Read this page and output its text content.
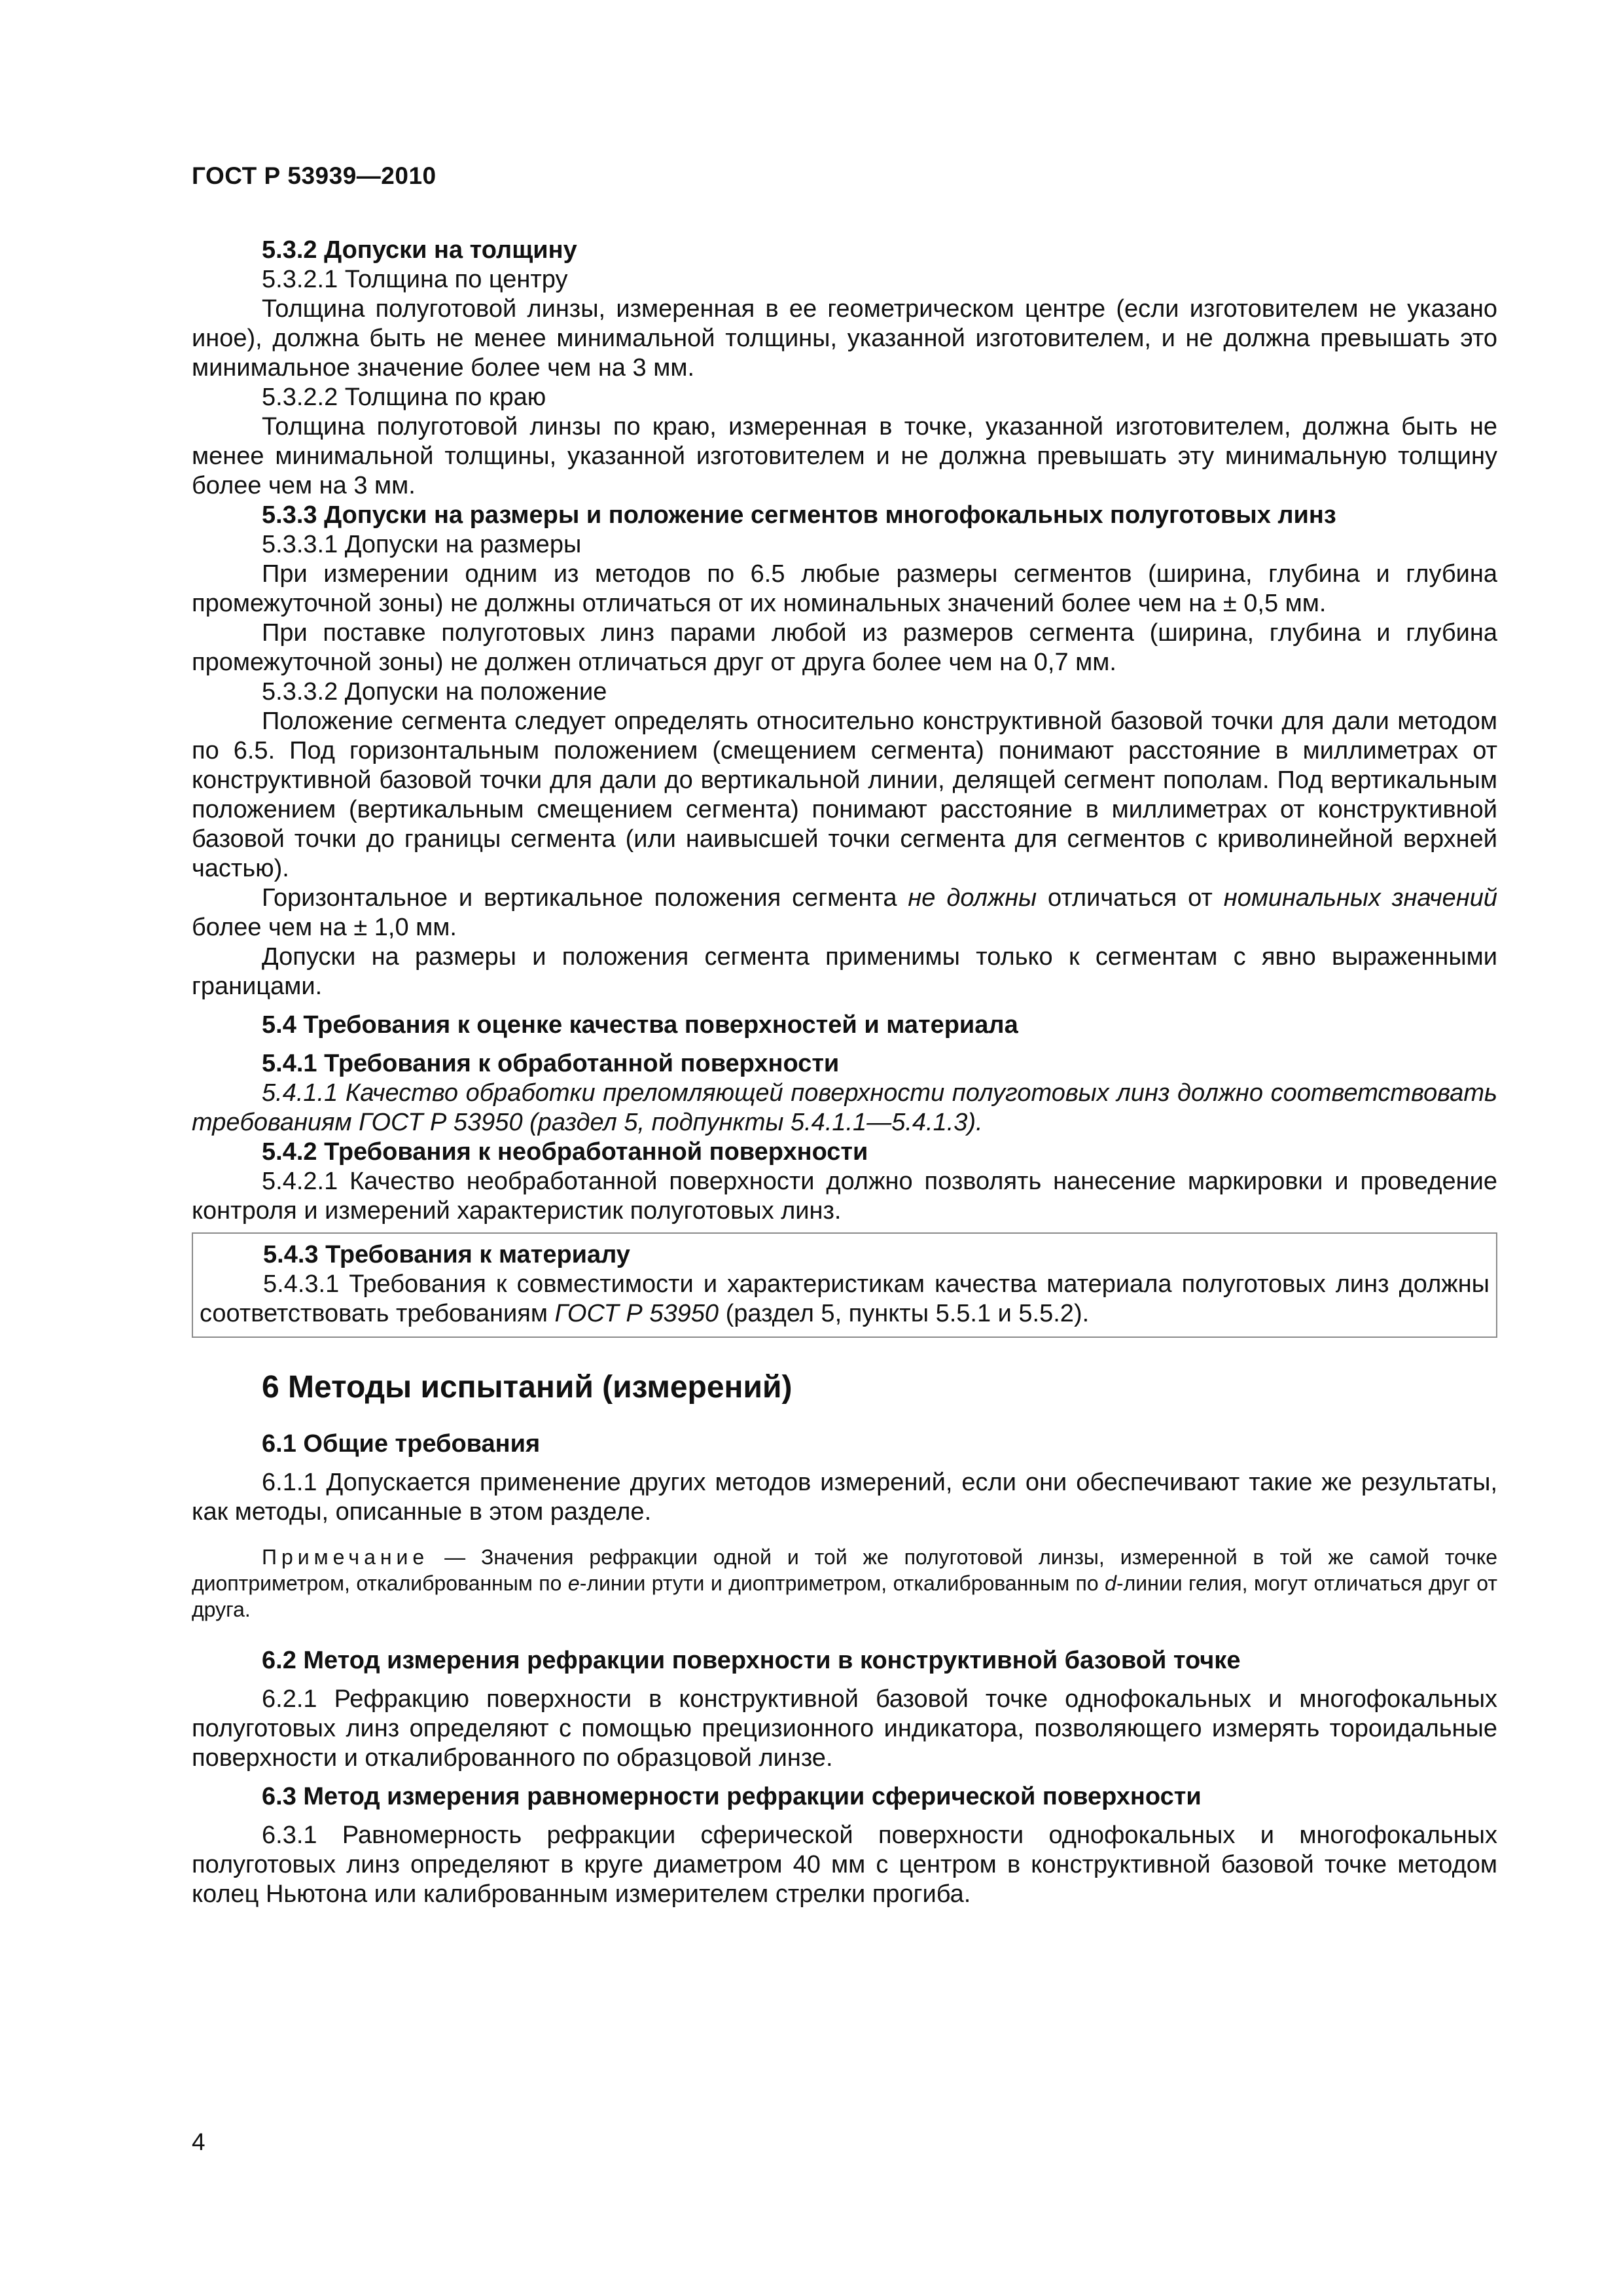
ГОСТ Р 53939—2010

5.3.2 Допуски на толщину

5.3.2.1 Толщина по центру

Толщина полуготовой линзы, измеренная в ее геометрическом центре (если изготовителем не указано иное), должна быть не менее минимальной толщины, указанной изготовителем, и не должна превышать это минимальное значение более чем на 3 мм.

5.3.2.2 Толщина по краю

Толщина полуготовой линзы по краю, измеренная в точке, указанной изготовителем, должна быть не менее минимальной толщины, указанной изготовителем и не должна превышать эту минимальную толщину более чем на 3 мм.

5.3.3 Допуски на размеры и положение сегментов многофокальных полуготовых линз

5.3.3.1 Допуски на размеры

При измерении одним из методов по 6.5 любые размеры сегментов (ширина, глубина и глубина промежуточной зоны) не должны отличаться от их номинальных значений более чем на ± 0,5 мм.

При поставке полуготовых линз парами любой из размеров сегмента (ширина, глубина и глубина промежуточной зоны) не должен отличаться друг от друга более чем на 0,7 мм.

5.3.3.2 Допуски на положение

Положение сегмента следует определять относительно конструктивной базовой точки для дали методом по 6.5. Под горизонтальным положением (смещением сегмента) понимают расстояние в миллиметрах от конструктивной базовой точки для дали до вертикальной линии, делящей сегмент пополам. Под вертикальным положением (вертикальным смещением сегмента) понимают расстояние в миллиметрах от конструктивной базовой точки до границы сегмента (или наивысшей точки сегмента для сегментов с криволинейной верхней частью).

Горизонтальное и вертикальное положения сегмента не должны отличаться от номинальных значений более чем на ± 1,0 мм.

Допуски на размеры и положения сегмента применимы только к сегментам с явно выраженными границами.

5.4 Требования к оценке качества поверхностей и материала

5.4.1 Требования к обработанной поверхности

5.4.1.1 Качество обработки преломляющей поверхности полуготовых линз должно соответствовать требованиям ГОСТ Р 53950 (раздел 5, подпункты 5.4.1.1—5.4.1.3).

5.4.2 Требования к необработанной поверхности

5.4.2.1 Качество необработанной поверхности должно позволять нанесение маркировки и проведение контроля и измерений характеристик полуготовых линз.

5.4.3 Требования к материалу

5.4.3.1 Требования к совместимости и характеристикам качества материала полуготовых линз должны соответствовать требованиям ГОСТ Р 53950 (раздел 5, пункты 5.5.1 и 5.5.2).

6 Методы испытаний (измерений)

6.1 Общие требования

6.1.1 Допускается применение других методов измерений, если они обеспечивают такие же результаты, как методы, описанные в этом разделе.

Примечание — Значения рефракции одной и той же полуготовой линзы, измеренной в той же самой точке диоптриметром, откалиброванным по е-линии ртути и диоптриметром, откалиброванным по d-линии гелия, могут отличаться друг от друга.

6.2 Метод измерения рефракции поверхности в конструктивной базовой точке

6.2.1 Рефракцию поверхности в конструктивной базовой точке однофокальных и многофокальных полуготовых линз определяют с помощью прецизионного индикатора, позволяющего измерять тороидальные поверхности и откалиброванного по образцовой линзе.

6.3 Метод измерения равномерности рефракции сферической поверхности

6.3.1 Равномерность рефракции сферической поверхности однофокальных и многофокальных полуготовых линз определяют в круге диаметром 40 мм с центром в конструктивной базовой точке методом колец Ньютона или калиброванным измерителем стрелки прогиба.

4
